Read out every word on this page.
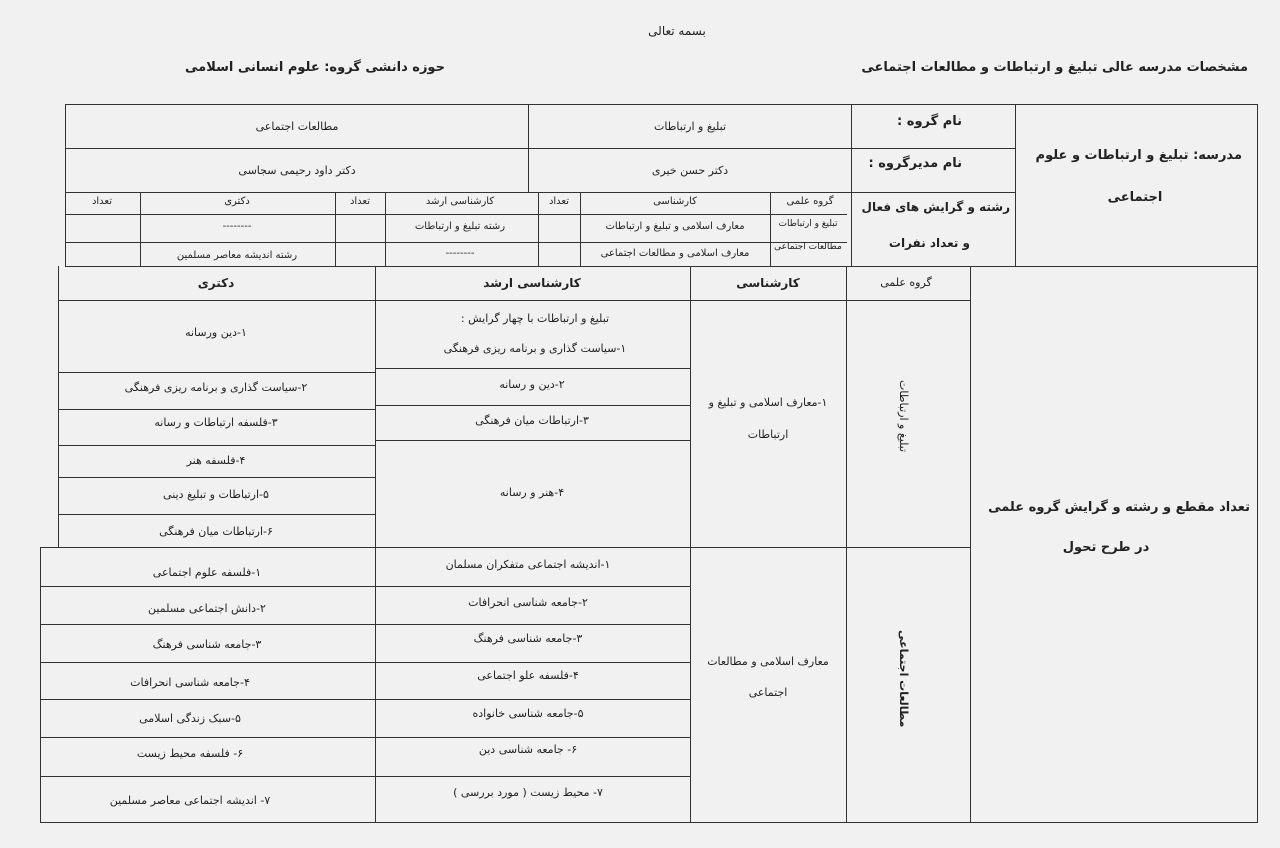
بسمه تعالی
مشخصات مدرسه عالی تبلیغ و ارتباطات و مطالعات اجتماعی
حوزه دانشی گروه: علوم انسانی اسلامی
مدرسه: تبلیغ و ارتباطات و علوم
اجتماعی
نام گروه :
نام مدیرگروه :
رشته و گرایش های فعال
و تعداد نفرات
تبلیغ و ارتباطات
مطالعات اجتماعی
دکتر حسن خیری
دکتر داود رحیمی سجاسی
گروه علمی
کارشناسی
تعداد
کارشناسی ارشد
تعداد
دکتری
تعداد
تبلیغ و ارتباطات
معارف اسلامی و تبلیغ و ارتباطات
رشته تبلیغ و ارتباطات
--------
مطالعات اجتماعی
معارف اسلامی و مطالعات اجتماعی
--------
رشته اندیشه معاصر مسلمین
تعداد مقطع و رشته و گرایش گروه علمی
در طرح تحول
گروه علمی
کارشناسی
کارشناسی ارشد
دکتری
تبلیغ و ارتباطات
مطالعات اجتماعی
۱-معارف اسلامی و تبلیغ و
ارتباطات
معارف اسلامی و مطالعات
اجتماعی
تبلیغ و ارتباطات با چهار گرایش :
۱-سیاست گذاری و برنامه ریزی فرهنگی
۲-دین و رسانه
۳-ارتباطات میان فرهنگی
۴-هنر و رسانه
۱-دین ورسانه
۲-سیاست گذاری و برنامه ریزی فرهنگی
۳-فلسفه ارتباطات و رسانه
۴-فلسفه هنر
۵-ارتباطات و تبلیغ دینی
۶-ارتباطات میان فرهنگی
۱-اندیشه اجتماعی متفکران مسلمان
۲-جامعه شناسی انحرافات
۳-جامعه شناسی فرهنگ
۴-فلسفه علو اجتماعی
۵-جامعه شناسی خانواده
۶- جامعه شناسی دین
۷- محیط زیست ( مورد بررسی )
۱-فلسفه علوم اجتماعی
۲-دانش اجتماعی مسلمین
۳-جامعه شناسی فرهنگ
۴-جامعه شناسی انحرافات
۵-سبک زندگی اسلامی
۶- فلسفه محیط زیست
۷- اندیشه اجتماعی معاصر مسلمین
